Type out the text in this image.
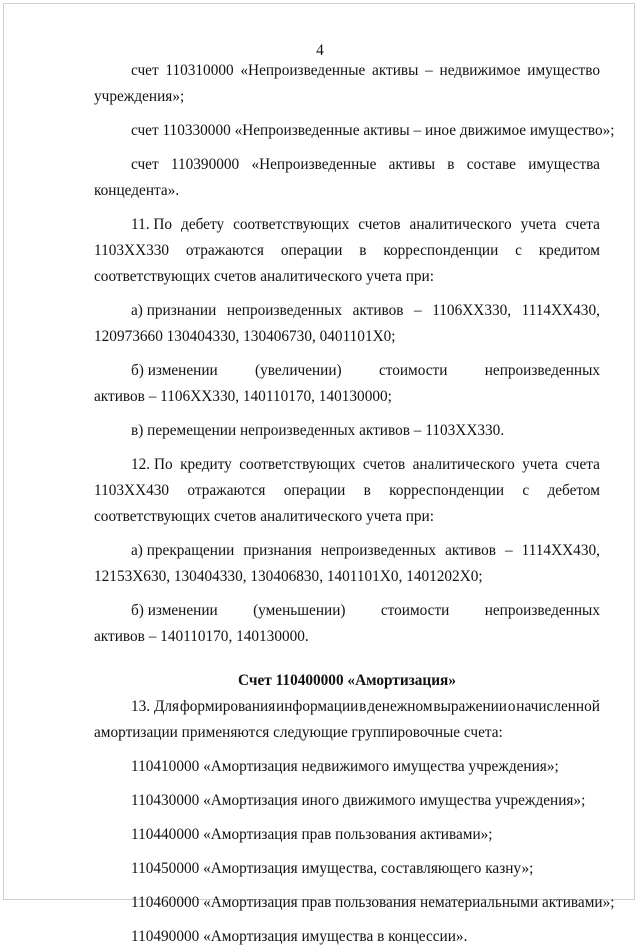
4
счет 110310000 «Непроизведенные активы – недвижимое имущество
учреждения»;
счет 110330000 «Непроизведенные активы – иное движимое имущество»;
счет 110390000 «Непроизведенные активы в составе имущества
концедента».
11. По дебету соответствующих счетов аналитического учета счета
1103ХХ330 отражаются операции в корреспонденции с кредитом
соответствующих счетов аналитического учета при:
а) признании непроизведенных активов – 1106ХХ330, 1114ХХ430,
120973660 130404330, 130406730, 0401101Х0;
б) изменении (увеличении) стоимости непроизведенных
активов – 1106ХХ330, 140110170, 140130000;
в) перемещении непроизведенных активов – 1103ХХ330.
12. По кредиту соответствующих счетов аналитического учета счета
1103ХХ430 отражаются операции в корреспонденции с дебетом
соответствующих счетов аналитического учета при:
а) прекращении признания непроизведенных активов – 1114ХХ430,
12153Х630, 130404330, 130406830, 1401101Х0, 1401202Х0;
б) изменении (уменьшении) стоимости непроизведенных
активов – 140110170, 140130000.
Счет 110400000 «Амортизация»
13. Для формирования информации в денежном выражении о начисленной
амортизации применяются следующие группировочные счета:
110410000 «Амортизация недвижимого имущества учреждения»;
110430000 «Амортизация иного движимого имущества учреждения»;
110440000 «Амортизация прав пользования активами»;
110450000 «Амортизация имущества, составляющего казну»;
110460000 «Амортизация прав пользования нематериальными активами»;
110490000 «Амортизация имущества в концессии».
